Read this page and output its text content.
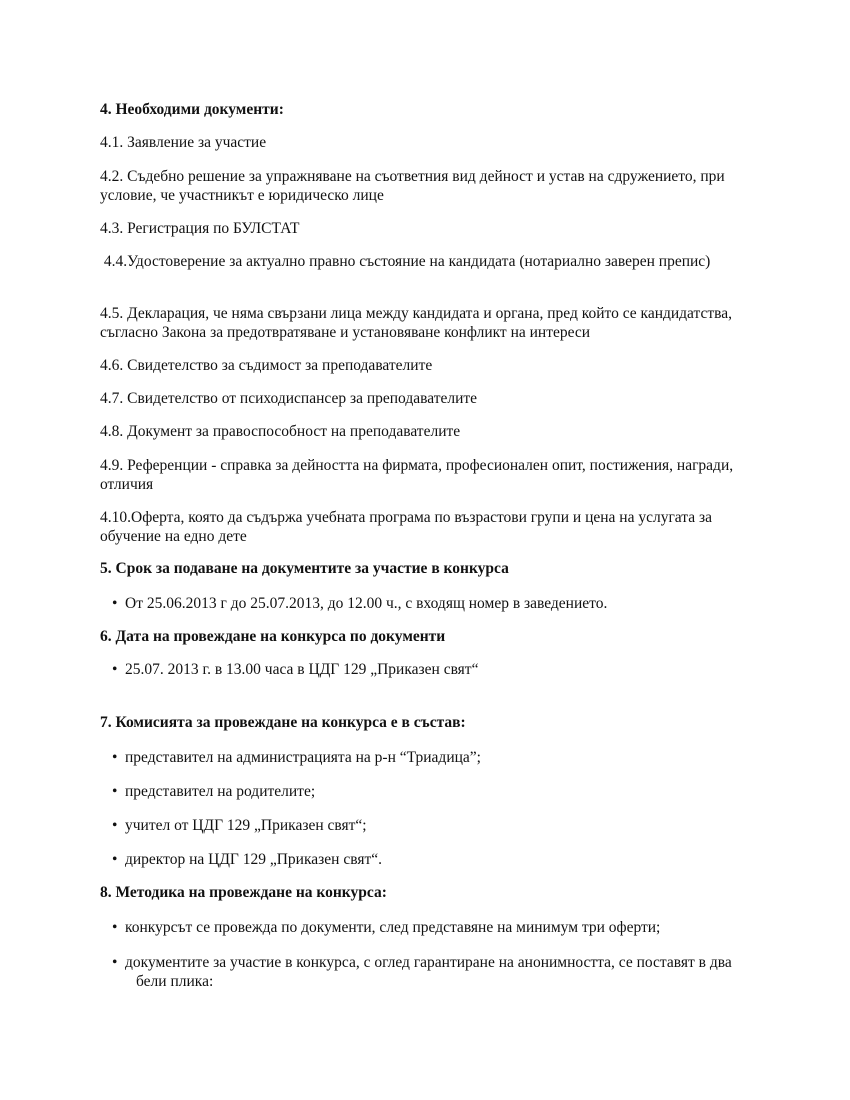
4. Необходими документи:

4.1. Заявление за участие

4.2. Съдебно решение за упражняване на съответния вид дейност и устав на сдружението, при условие, че участникът е юридическо лице

4.3. Регистрация по БУЛСТАТ

4.4.Удостоверение за актуално правно състояние на кандидата (нотариално заверен препис)

4.5. Декларация, че няма свързани лица между кандидата и органа, пред който се кандидатства, съгласно Закона за предотвратяване и установяване конфликт на интереси

4.6. Свидетелство за съдимост за преподавателите

4.7. Свидетелство от психодиспансер за преподавателите

4.8. Документ за правоспособност на преподавателите

4.9. Референции - справка за дейността на фирмата, професионален опит, постижения, награди, отличия

4.10.Оферта, която да съдържа учебната програма по възрастови групи и цена на услугата за обучение на едно дете

5. Срок за подаване на документите за участие в конкурса

• От 25.06.2013 г до 25.07.2013, до 12.00 ч., с входящ номер в заведението.

6. Дата на провеждане на конкурса по документи

• 25.07. 2013 г. в 13.00 часа в ЦДГ 129 „Приказен свят“

7. Комисията за провеждане на конкурса е в състав:

• представител на администрацията на р-н “Триадица”;

• представител на родителите;

• учител от ЦДГ 129 „Приказен свят“;

• директор на ЦДГ 129 „Приказен свят“.

8. Методика на провеждане на конкурса:

• конкурсът се провежда по документи, след представяне на минимум три оферти;

• документите за участие в конкурса, с оглед гарантиране на анонимността, се поставят в два бели плика:
